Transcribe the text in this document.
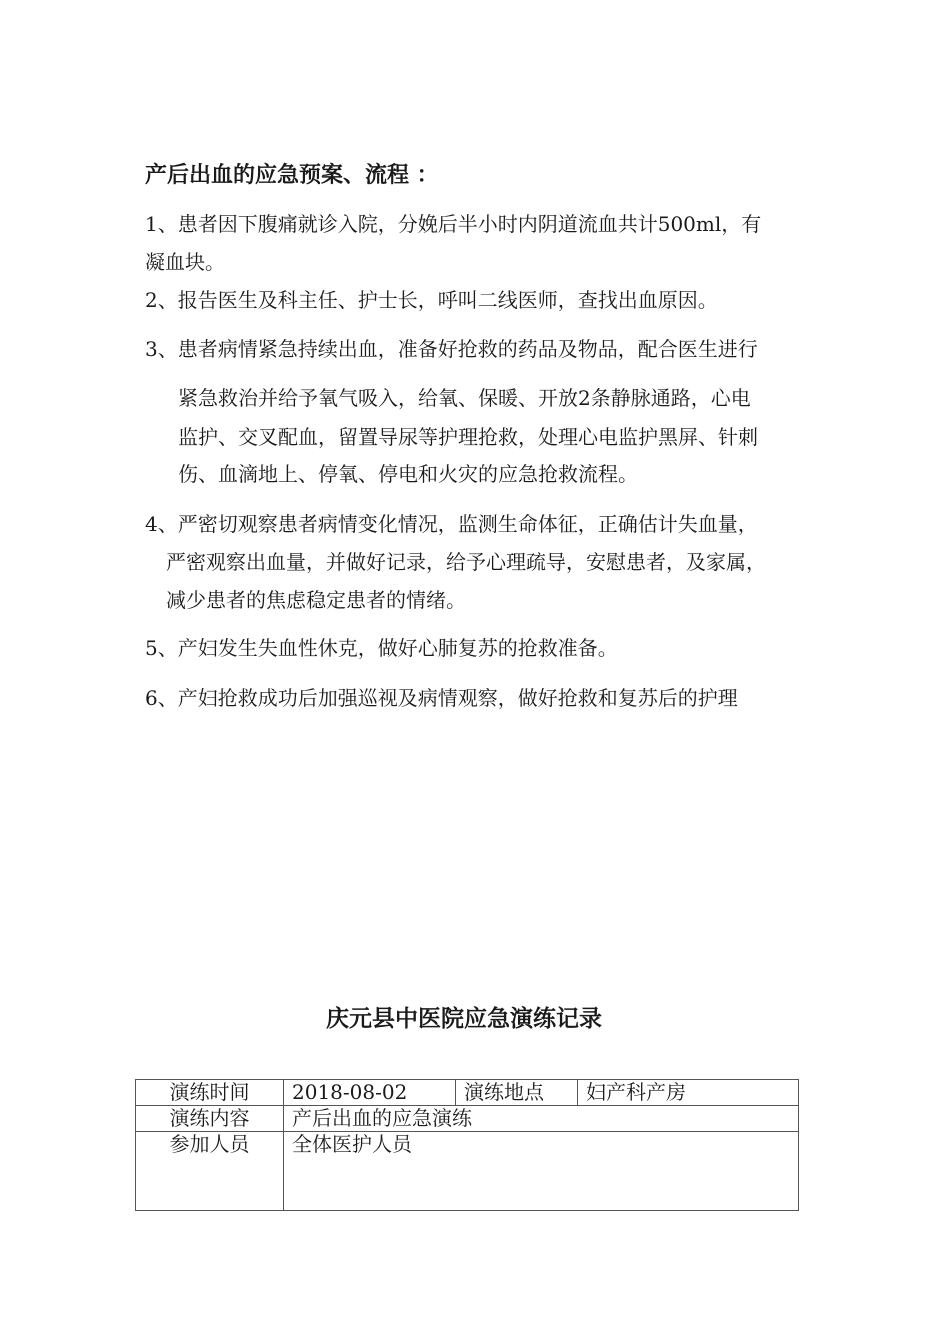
产后出血的应急预案、流程 ：
1、患者因下腹痛就诊入院，分娩后半小时内阴道流血共计500ml，有
凝血块。
2、报告医生及科主任、护士长，呼叫二线医师，查找出血原因。
3、患者病情紧急持续出血，准备好抢救的药品及物品，配合医生进行
紧急救治并给予氧气吸入，给氧、保暖、开放2条静脉通路，心电
监护、交叉配血，留置导尿等护理抢救，处理心电监护黑屏、针刺
伤、血滴地上、停氧、停电和火灾的应急抢救流程。
4、严密切观察患者病情变化情况，监测生命体征，正确估计失血量，
严密观察出血量，并做好记录，给予心理疏导，安慰患者，及家属，
减少患者的焦虑稳定患者的情绪。
5、产妇发生失血性休克，做好心肺复苏的抢救准备。
6、产妇抢救成功后加强巡视及病情观察，做好抢救和复苏后的护理
庆元县中医院应急演练记录
演练时间	2018-08-02	演练地点	妇产科产房
演练内容	产后出血的应急演练		
参加人员	全体医护人员		
